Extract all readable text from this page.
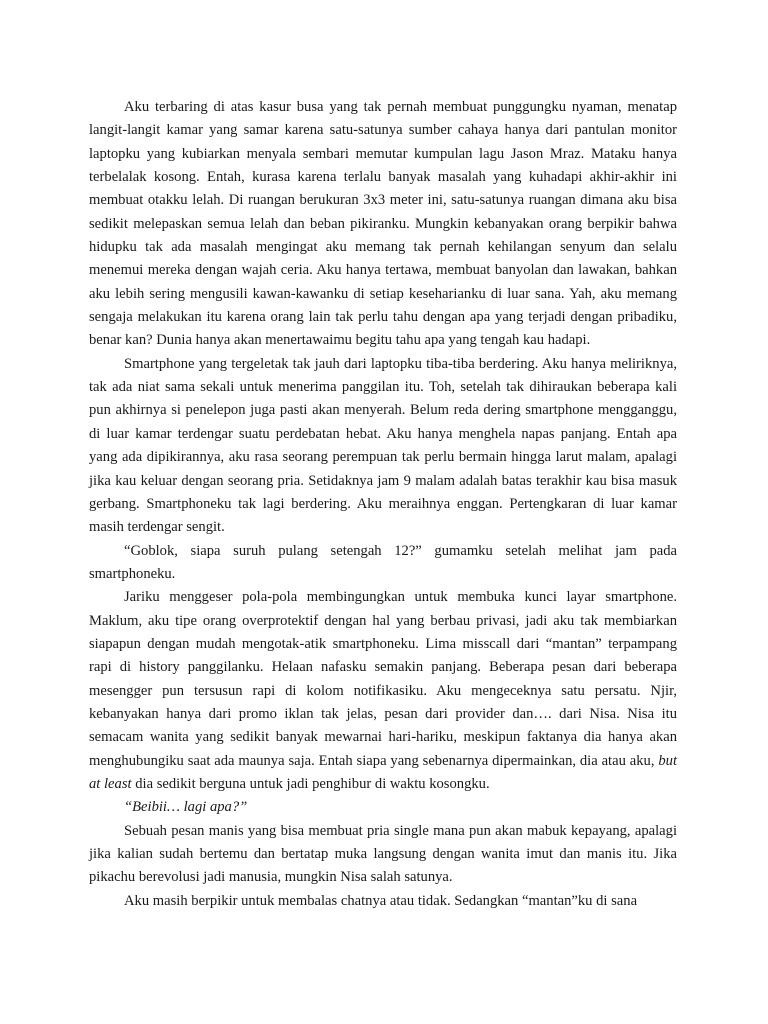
Aku terbaring di atas kasur busa yang tak pernah membuat punggungku nyaman, menatap langit-langit kamar yang samar karena satu-satunya sumber cahaya hanya dari pantulan monitor laptopku yang kubiarkan menyala sembari memutar kumpulan lagu Jason Mraz. Mataku hanya terbelalak kosong. Entah, kurasa karena terlalu banyak masalah yang kuhadapi akhir-akhir ini membuat otakku lelah. Di ruangan berukuran 3x3 meter ini, satu-satunya ruangan dimana aku bisa sedikit melepaskan semua lelah dan beban pikiranku. Mungkin kebanyakan orang berpikir bahwa hidupku tak ada masalah mengingat aku memang tak pernah kehilangan senyum dan selalu menemui mereka dengan wajah ceria. Aku hanya tertawa, membuat banyolan dan lawakan, bahkan aku lebih sering mengusili kawan-kawanku di setiap keseharianku di luar sana. Yah, aku memang sengaja melakukan itu karena orang lain tak perlu tahu dengan apa yang terjadi dengan pribadiku, benar kan? Dunia hanya akan menertawaimu begitu tahu apa yang tengah kau hadapi.

Smartphone yang tergeletak tak jauh dari laptopku tiba-tiba berdering. Aku hanya meliriknya, tak ada niat sama sekali untuk menerima panggilan itu. Toh, setelah tak dihiraukan beberapa kali pun akhirnya si penelepon juga pasti akan menyerah. Belum reda dering smartphone mengganggu, di luar kamar terdengar suatu perdebatan hebat. Aku hanya menghela napas panjang. Entah apa yang ada dipikirannya, aku rasa seorang perempuan tak perlu bermain hingga larut malam, apalagi jika kau keluar dengan seorang pria. Setidaknya jam 9 malam adalah batas terakhir kau bisa masuk gerbang. Smartphoneku tak lagi berdering. Aku meraihnya enggan. Pertengkaran di luar kamar masih terdengar sengit.

“Goblok, siapa suruh pulang setengah 12?” gumamku setelah melihat jam pada smartphoneku.

Jariku menggeser pola-pola membingungkan untuk membuka kunci layar smartphone. Maklum, aku tipe orang overprotektif dengan hal yang berbau privasi, jadi aku tak membiarkan siapapun dengan mudah mengotak-atik smartphoneku. Lima misscall dari “mantan” terpampang rapi di history panggilanku. Helaan nafasku semakin panjang. Beberapa pesan dari beberapa mesengger pun tersusun rapi di kolom notifikasiku. Aku mengeceknya satu persatu. Njir, kebanyakan hanya dari promo iklan tak jelas, pesan dari provider dan…. dari Nisa. Nisa itu semacam wanita yang sedikit banyak mewarnai hari-hariku, meskipun faktanya dia hanya akan menghubungiku saat ada maunya saja. Entah siapa yang sebenarnya dipermainkan, dia atau aku, but at least dia sedikit berguna untuk jadi penghibur di waktu kosongku.

“Beibii… lagi apa?”

Sebuah pesan manis yang bisa membuat pria single mana pun akan mabuk kepayang, apalagi jika kalian sudah bertemu dan bertatap muka langsung dengan wanita imut dan manis itu. Jika pikachu berevolusi jadi manusia, mungkin Nisa salah satunya.

Aku masih berpikir untuk membalas chatnya atau tidak. Sedangkan “mantan”ku di sana
